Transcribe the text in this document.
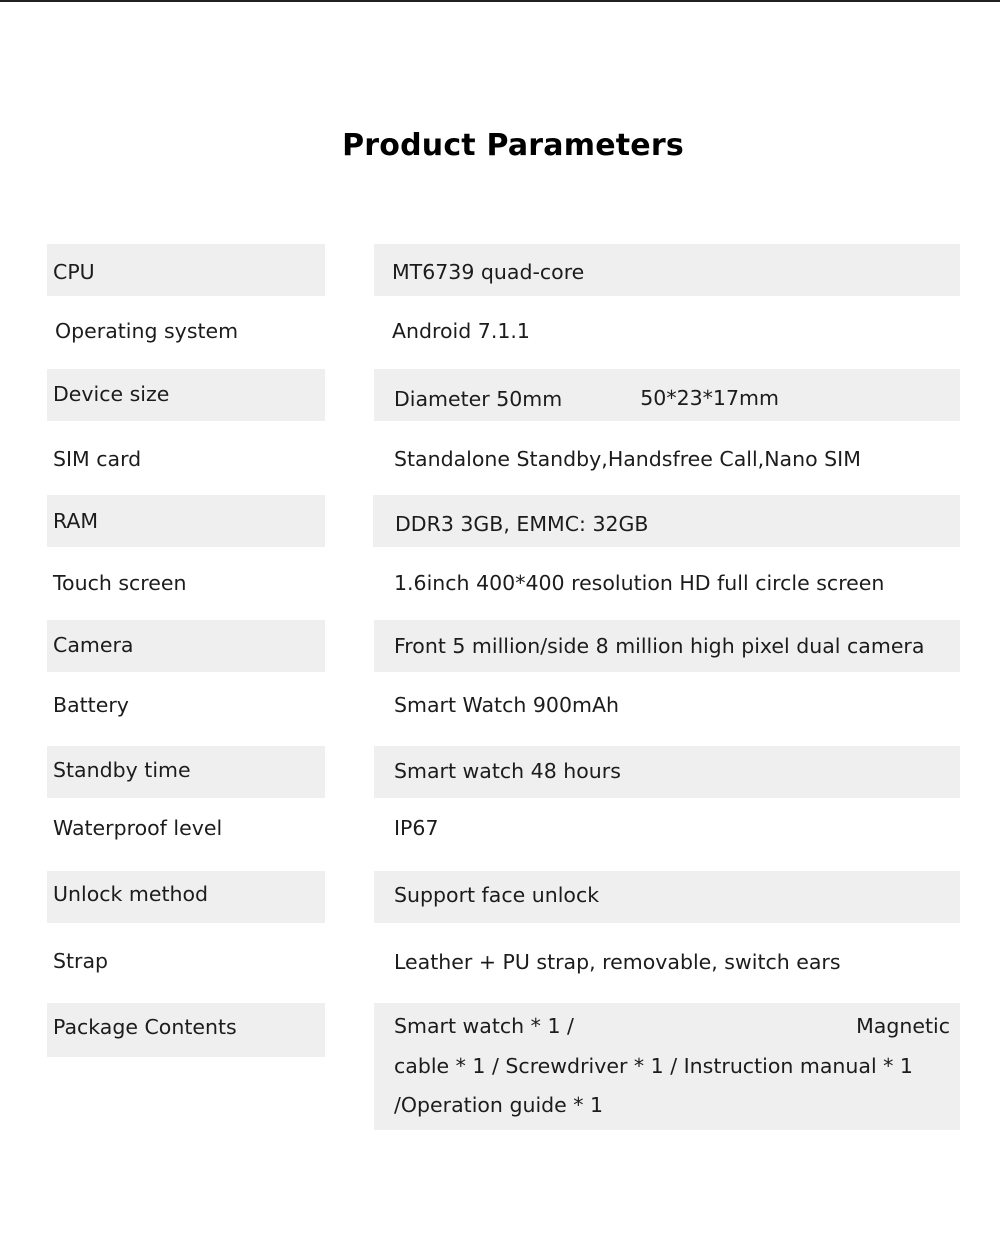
Product Parameters
CPU	MT6739 quad-core
Operating system	Android 7.1.1
Device size	Diameter 50mm	50*23*17mm
SIM card	Standalone Standby,Handsfree Call,Nano SIM
RAM	DDR3 3GB, EMMC: 32GB
Touch screen	1.6inch 400*400 resolution HD full circle screen
Camera	Front 5 million/side 8 million high pixel dual camera
Battery	Smart Watch 900mAh
Standby time	Smart watch 48 hours
Waterproof level	IP67
Unlock method	Support face unlock
Strap	Leather + PU strap, removable, switch ears
Package Contents	Smart watch * 1 /	Magnetic
cable * 1 / Screwdriver * 1 / Instruction manual * 1
/Operation guide * 1
